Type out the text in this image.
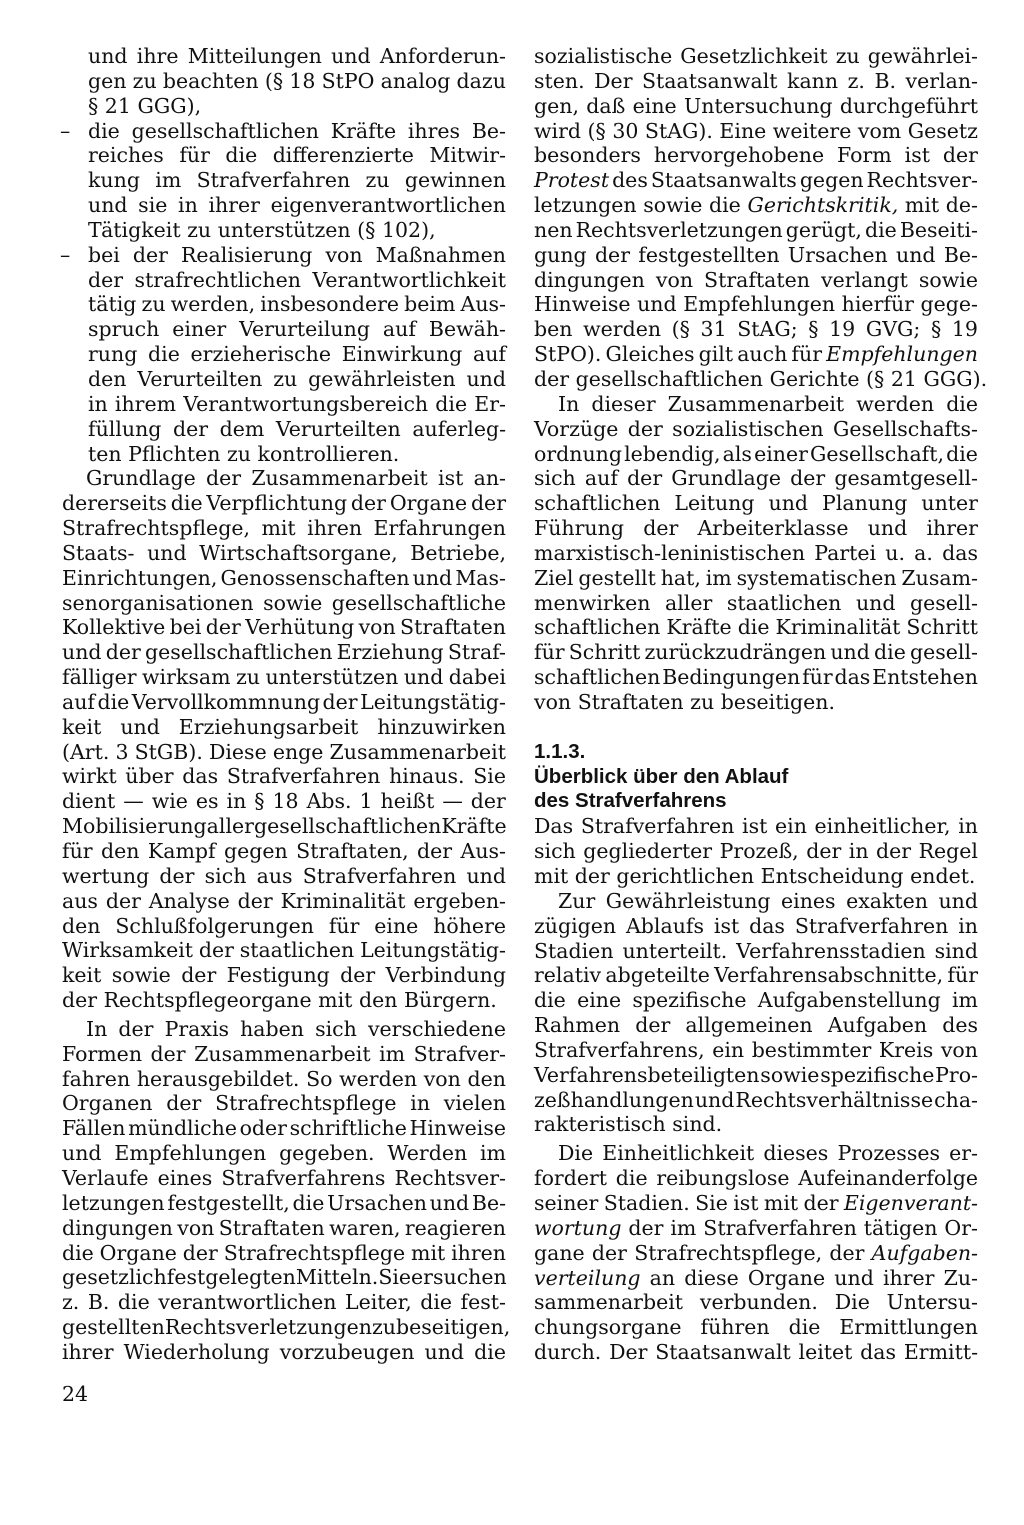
und ihre Mitteilungen und Anforderun-
gen zu beachten (§ 18 StPO analog dazu
§ 21 GGG),
– die gesellschaftlichen Kräfte ihres Be-
reiches für die differenzierte Mitwir-
kung im Strafverfahren zu gewinnen
und sie in ihrer eigenverantwortlichen
Tätigkeit zu unterstützen (§ 102),
– bei der Realisierung von Maßnahmen
der strafrechtlichen Verantwortlichkeit
tätig zu werden, insbesondere beim Aus-
spruch einer Verurteilung auf Bewäh-
rung die erzieherische Einwirkung auf
den Verurteilten zu gewährleisten und
in ihrem Verantwortungsbereich die Er-
füllung der dem Verurteilten auferleg-
ten Pflichten zu kontrollieren.
Grundlage der Zusammenarbeit ist an-
dererseits die Verpflichtung der Organe der
Strafrechtspflege, mit ihren Erfahrungen
Staats- und Wirtschaftsorgane, Betriebe,
Einrichtungen, Genossenschaften und Mas-
senorganisationen sowie gesellschaftliche
Kollektive bei der Verhütung von Straftaten
und der gesellschaftlichen Erziehung Straf-
fälliger wirksam zu unterstützen und dabei
auf die Vervollkommnung der Leitungstätig-
keit und Erziehungsarbeit hinzuwirken
(Art. 3 StGB). Diese enge Zusammenarbeit
wirkt über das Strafverfahren hinaus. Sie
dient — wie es in § 18 Abs. 1 heißt — der
Mobilisierung aller gesellschaftlichen Kräfte
für den Kampf gegen Straftaten, der Aus-
wertung der sich aus Strafverfahren und
aus der Analyse der Kriminalität ergeben-
den Schlußfolgerungen für eine höhere
Wirksamkeit der staatlichen Leitungstätig-
keit sowie der Festigung der Verbindung
der Rechtspflegeorgane mit den Bürgern.
In der Praxis haben sich verschiedene
Formen der Zusammenarbeit im Strafver-
fahren herausgebildet. So werden von den
Organen der Strafrechtspflege in vielen
Fällen mündliche oder schriftliche Hinweise
und Empfehlungen gegeben. Werden im
Verlaufe eines Strafverfahrens Rechtsver-
letzungen festgestellt, die Ursachen und Be-
dingungen von Straftaten waren, reagieren
die Organe der Strafrechtspflege mit ihren
gesetzlich festgelegten Mitteln. Sie ersuchen
z. B. die verantwortlichen Leiter, die fest-
gestellten Rechtsverletzungen zu beseitigen,
ihrer Wiederholung vorzubeugen und die
sozialistische Gesetzlichkeit zu gewährlei-
sten. Der Staatsanwalt kann z. B. verlan-
gen, daß eine Untersuchung durchgeführt
wird (§ 30 StAG). Eine weitere vom Gesetz
besonders hervorgehobene Form ist der
Protest des Staatsanwalts gegen Rechtsver-
letzungen sowie die Gerichtskritik, mit de-
nen Rechtsverletzungen gerügt, die Beseiti-
gung der festgestellten Ursachen und Be-
dingungen von Straftaten verlangt sowie
Hinweise und Empfehlungen hierfür gege-
ben werden (§ 31 StAG; § 19 GVG; § 19
StPO). Gleiches gilt auch für Empfehlungen
der gesellschaftlichen Gerichte (§ 21 GGG).
In dieser Zusammenarbeit werden die
Vorzüge der sozialistischen Gesellschafts-
ordnung lebendig, als einer Gesellschaft, die
sich auf der Grundlage der gesamtgesell-
schaftlichen Leitung und Planung unter
Führung der Arbeiterklasse und ihrer
marxistisch-leninistischen Partei u. a. das
Ziel gestellt hat, im systematischen Zusam-
menwirken aller staatlichen und gesell-
schaftlichen Kräfte die Kriminalität Schritt
für Schritt zurückzudrängen und die gesell-
schaftlichen Bedingungen für das Entstehen
von Straftaten zu beseitigen.
1.1.3.
Überblick über den Ablauf
des Strafverfahrens
Das Strafverfahren ist ein einheitlicher, in
sich gegliederter Prozeß, der in der Regel
mit der gerichtlichen Entscheidung endet.
Zur Gewährleistung eines exakten und
zügigen Ablaufs ist das Strafverfahren in
Stadien unterteilt. Verfahrensstadien sind
relativ abgeteilte Verfahrensabschnitte, für
die eine spezifische Aufgabenstellung im
Rahmen der allgemeinen Aufgaben des
Strafverfahrens, ein bestimmter Kreis von
Verfahrensbeteiligten sowie spezifische Pro-
zeßhandlungen und Rechtsverhältnisse cha-
rakteristisch sind.
Die Einheitlichkeit dieses Prozesses er-
fordert die reibungslose Aufeinanderfolge
seiner Stadien. Sie ist mit der Eigenverant-
wortung der im Strafverfahren tätigen Or-
gane der Strafrechtspflege, der Aufgaben-
verteilung an diese Organe und ihrer Zu-
sammenarbeit verbunden. Die Untersu-
chungsorgane führen die Ermittlungen
durch. Der Staatsanwalt leitet das Ermitt-
24
